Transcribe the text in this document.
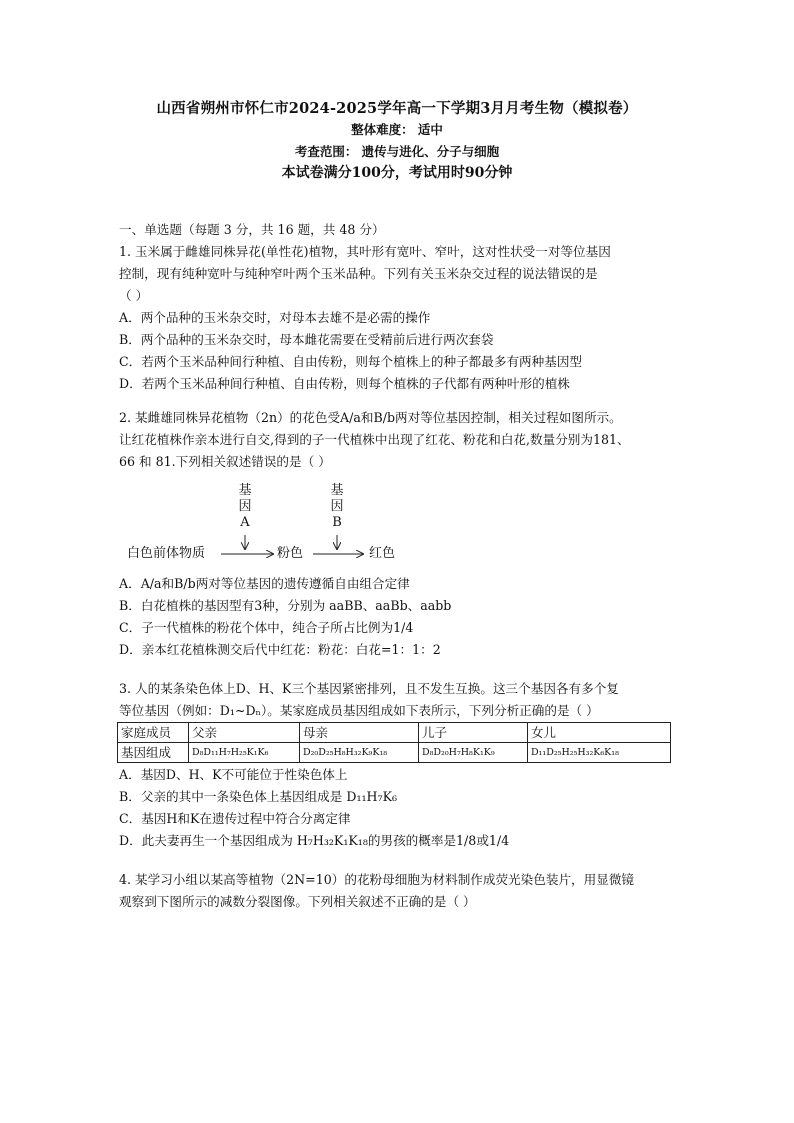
山西省朔州市怀仁市2024-2025学年高一下学期3月月考生物（模拟卷）
整体难度： 适中
考查范围： 遗传与进化、分子与细胞
本试卷满分100分，考试用时90分钟
一、单选题（每题 3 分，共 16 题，共 48 分）
1. 玉米属于雌雄同株异花(单性花)植物，其叶形有宽叶、窄叶，这对性状受一对等位基因
控制，现有纯种宽叶与纯种窄叶两个玉米品种。下列有关玉米杂交过程的说法错误的是
（ ）
A．两个品种的玉米杂交时，对母本去雄不是必需的操作
B．两个品种的玉米杂交时，母本雌花需要在受精前后进行两次套袋
C．若两个玉米品种间行种植、自由传粉，则每个植株上的种子都最多有两种基因型
D．若两个玉米品种间行种植、自由传粉，则每个植株的子代都有两种叶形的植株
2. 某雌雄同株异花植物（2n）的花色受A/a和B/b两对等位基因控制，相关过程如图所示。
让红花植株作亲本进行自交,得到的子一代植株中出现了红花、粉花和白花,数量分别为181、
66 和 81.下列相关叙述错误的是（ ）
基
因
A
基
因
B
白色前体物质	粉色	红色
A．A/a和B/b两对等位基因的遗传遵循自由组合定律
B．白花植株的基因型有3种，分别为 aaBB、aaBb、aabb
C．子一代植株的粉花个体中，纯合子所占比例为1/4
D．亲本红花植株测交后代中红花：粉花：白花=1：1：2
3. 人的某条染色体上D、H、K三个基因紧密排列，且不发生互换。这三个基因各有多个复
等位基因（例如：D₁~Dₙ）。某家庭成员基因组成如下表所示，下列分析正确的是（ ）
家庭成员	父亲	母亲	儿子	女儿
基因组成	D₈D₁₁H₇H₂₅K₁K₆	D₂₀D₂₅H₈H₃₂K₉K₁₈	D₈D₂₀H₇H₈K₁K₉	D₁₁D₂₅H₂₅H₃₂K₆K₁₈
A．基因D、H、K不可能位于性染色体上
B．父亲的其中一条染色体上基因组成是 D₁₁H₇K₆
C．基因H和K在遗传过程中符合分离定律
D．此夫妻再生一个基因组成为 H₇H₃₂K₁K₁₈的男孩的概率是1/8或1/4
4. 某学习小组以某高等植物（2N=10）的花粉母细胞为材料制作成荧光染色装片，用显微镜
观察到下图所示的减数分裂图像。下列相关叙述不正确的是（ ）
